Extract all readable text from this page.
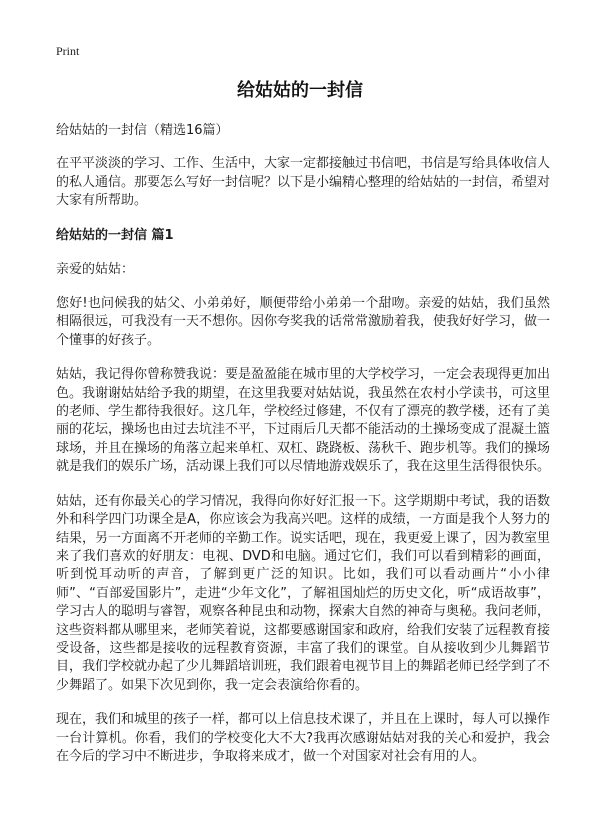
Print
给姑姑的一封信

给姑姑的一封信（精选16篇）

在平平淡淡的学习、工作、生活中，大家一定都接触过书信吧，书信是写给具体收信人的私人通信。那要怎么写好一封信呢？以下是小编精心整理的给姑姑的一封信，希望对大家有所帮助。

给姑姑的一封信 篇1

亲爱的姑姑：

您好!也问候我的姑父、小弟弟好，顺便带给小弟弟一个甜吻。亲爱的姑姑，我们虽然相隔很远，可我没有一天不想你。因你夸奖我的话常常激励着我，使我好好学习，做一个懂事的好孩子。

姑姑，我记得你曾称赞我说：要是盈盈能在城市里的大学校学习，一定会表现得更加出色。我谢谢姑姑给予我的期望，在这里我要对姑姑说，我虽然在农村小学读书，可这里的老师、学生都待我很好。这几年，学校经过修建，不仅有了漂亮的教学楼，还有了美丽的花坛，操场也由过去坑洼不平，下过雨后几天都不能活动的土操场变成了混凝土篮球场，并且在操场的角落立起来单杠、双杠、跷跷板、荡秋千、跑步机等。我们的操场就是我们的娱乐广场，活动课上我们可以尽情地游戏娱乐了，我在这里生活得很快乐。

姑姑，还有你最关心的学习情况，我得向你好好汇报一下。这学期期中考试，我的语数外和科学四门功课全是A，你应该会为我高兴吧。这样的成绩，一方面是我个人努力的结果，另一方面离不开老师的辛勤工作。说实话吧，现在，我更爱上课了，因为教室里来了我们喜欢的好朋友：电视、DVD和电脑。通过它们，我们可以看到精彩的画面，听到悦耳动听的声音，了解到更广泛的知识。比如，我们可以看动画片“小小律师”、“百部爱国影片”，走进“少年文化”，了解祖国灿烂的历史文化，听“成语故事”，学习古人的聪明与睿智，观察各种昆虫和动物，探索大自然的神奇与奥秘。我问老师，这些资料都从哪里来，老师笑着说，这都要感谢国家和政府，给我们安装了远程教育接受设备，这些都是接收的远程教育资源，丰富了我们的课堂。自从接收到少儿舞蹈节目，我们学校就办起了少儿舞蹈培训班，我们跟着电视节目上的舞蹈老师已经学到了不少舞蹈了。如果下次见到你，我一定会表演给你看的。

现在，我们和城里的孩子一样，都可以上信息技术课了，并且在上课时，每人可以操作一台计算机。你看，我们的学校变化大不大?我再次感谢姑姑对我的关心和爱护，我会在今后的学习中不断进步，争取将来成才，做一个对国家对社会有用的人。
